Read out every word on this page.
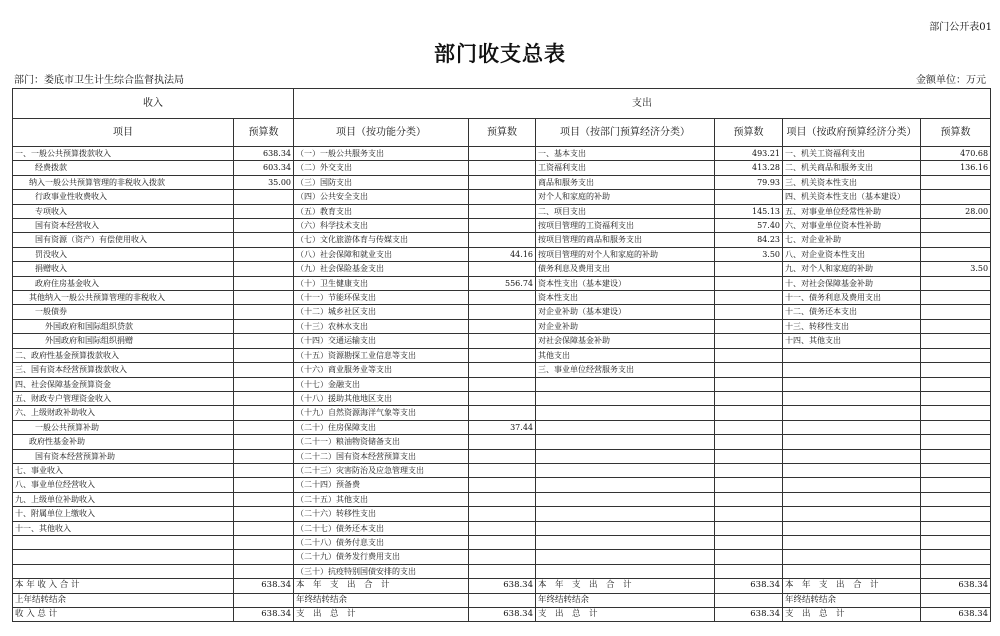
部门公开表01
部门收支总表
部门：娄底市卫生计生综合监督执法局	金额单位：万元
收入		支出					
项目	预算数	项目（按功能分类）	预算数	项目（按部门预算经济分类）	预算数	项目（按政府预算经济分类）	预算数
一、一般公共预算拨款收入	638.34	（一）一般公共服务支出		一、基本支出	493.21	一、机关工资福利支出	470.68
经费拨款	603.34	（二）外交支出		工资福利支出	413.28	二、机关商品和服务支出	136.16
纳入一般公共预算管理的非税收入拨款	35.00	（三）国防支出		商品和服务支出	79.93	三、机关资本性支出	
行政事业性收费收入		（四）公共安全支出		对个人和家庭的补助		四、机关资本性支出（基本建设）	
专项收入		（五）教育支出		二、项目支出	145.13	五、对事业单位经常性补助	28.00
国有资本经营收入		（六）科学技术支出		按项目管理的工资福利支出	57.40	六、对事业单位资本性补助	
国有资源（资产）有偿使用收入		（七）文化旅游体育与传媒支出		按项目管理的商品和服务支出	84.23	七、对企业补助	
罚没收入		（八）社会保障和就业支出	44.16	按项目管理的对个人和家庭的补助	3.50	八、对企业资本性支出	
捐赠收入		（九）社会保险基金支出		债务利息及费用支出		九、对个人和家庭的补助	3.50
政府住房基金收入		（十）卫生健康支出	556.74	资本性支出（基本建设）		十、对社会保障基金补助	
其他纳入一般公共预算管理的非税收入		（十一）节能环保支出		资本性支出		十一、债务利息及费用支出	
一般债券		（十二）城乡社区支出		对企业补助（基本建设）		十二、债务还本支出	
外国政府和国际组织贷款		（十三）农林水支出		对企业补助		十三、转移性支出	
外国政府和国际组织捐赠		（十四）交通运输支出		对社会保障基金补助		十四、其他支出	
二、政府性基金预算拨款收入		（十五）资源勘探工业信息等支出		其他支出			
三、国有资本经营预算拨款收入		（十六）商业服务业等支出		三、事业单位经营服务支出			
四、社会保障基金预算资金		（十七）金融支出					
五、财政专户管理资金收入		（十八）援助其他地区支出					
六、上级财政补助收入		（十九）自然资源海洋气象等支出					
一般公共预算补助		（二十）住房保障支出	37.44				
政府性基金补助		（二十一）粮油物资储备支出					
国有资本经营预算补助		（二十二）国有资本经营预算支出					
七、事业收入		（二十三）灾害防治及应急管理支出					
八、事业单位经营收入		（二十四）预备费					
九、上级单位补助收入		（二十五）其他支出					
十、附属单位上缴收入		（二十六）转移性支出					
十一、其他收入		（二十七）债务还本支出					
		（二十八）债务付息支出					
		（二十九）债务发行费用支出					
		（三十）抗疫特别国债安排的支出					
本 年 收 入 合 计	638.34	本　年　支　出　合　计	638.34	本　年　支　出　合　计	638.34	本　年　支　出　合　计	638.34
上年结转结余		年终结转结余		年终结转结余		年终结转结余	
收 入 总 计	638.34	支　出　总　计	638.34	支　出　总　计	638.34	支　出　总　计	638.34
